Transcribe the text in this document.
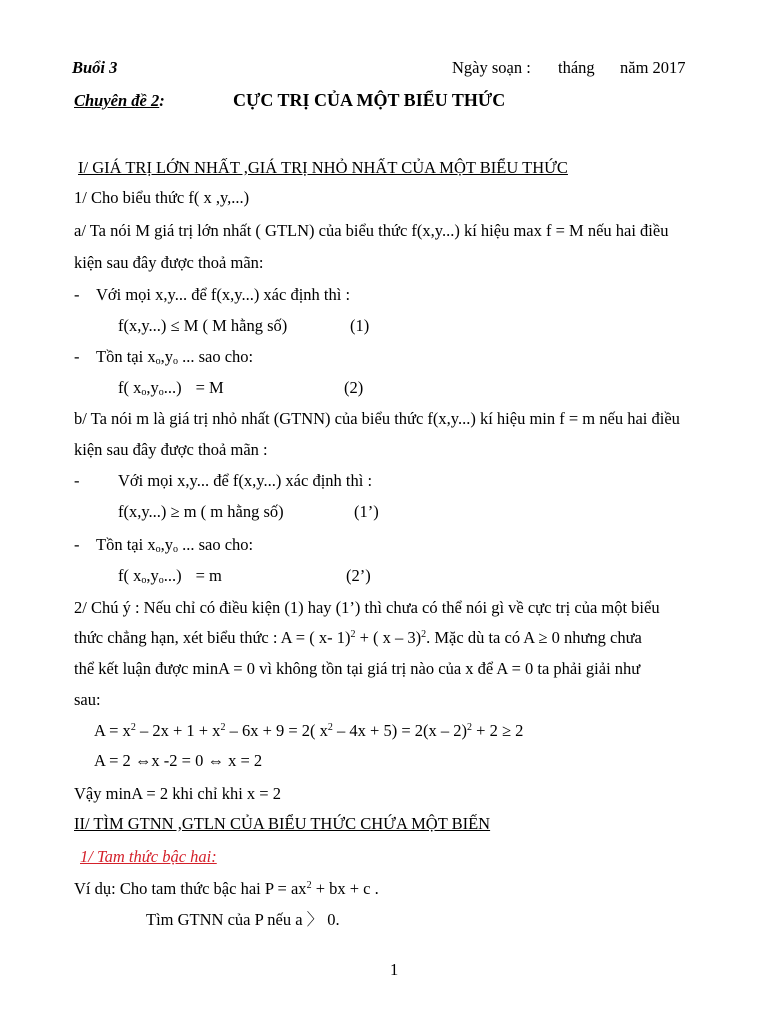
Buổi 3	Ngày soạn : tháng năm 2017
Chuyên đề 2:	CỰC TRỊ CỦA MỘT BIỂU THỨC
I/ GIÁ TRỊ LỚN NHẤT ,GIÁ TRỊ NHỎ NHẤT CỦA MỘT BIỂU THỨC
1/ Cho biểu thức f( x ,y,...)
a/ Ta nói M giá trị lớn nhất ( GTLN) của biểu thức f(x,y...) kí hiệu max f = M nếu hai điều
kiện sau đây được thoả mãn:
- Với mọi x,y... để f(x,y...) xác định thì :
f(x,y...) ≤ M ( M hằng số)	(1)
- Tồn tại $x_o,y_o$ ... sao cho:
f( $x_o,y_o...) = M$	(2)
b/ Ta nói m là giá trị nhỏ nhất (GTNN) của biểu thức f(x,y...) kí hiệu min f = m nếu hai điều
kiện sau đây được thoả mãn :
- Với mọi x,y... để f(x,y...) xác định thì :
f(x,y...) ≥ m ( m hằng số)	(1’)
- Tồn tại $x_o,y_o$ ... sao cho:
f( $x_o,y_o...) = m$	(2’)
2/ Chú ý : Nếu chỉ có điều kiện (1) hay (1’) thì chưa có thể nói gì về cực trị của một biểu
thức chẳng hạn, xét biểu thức : A = ( x- 1)$^2$ + ( x – 3)$^2$. Mặc dù ta có A ≥ 0 nhưng chưa
thể kết luận được minA = 0 vì không tồn tại giá trị nào của x để A = 0 ta phải giải như
sau:
$A = x^2 - 2x + 1 + x^2 - 6x + 9 = 2$( $x^2 - 4x + 5) = 2(x - 2)^2 + 2 \ge 2$
A = 2 ⇔x -2 = 0 ⇔ x = 2
Vậy minA = 2 khi chỉ khi x = 2
II/ TÌM GTNN ,GTLN CỦA BIỂU THỨC CHỨA MỘT BIẾN
1/ Tam thức bậc hai:
Ví dụ: Cho tam thức bậc hai $P = ax^2$ + bx + c .
Tìm GTNN của P nếu a 〉 0.
1
